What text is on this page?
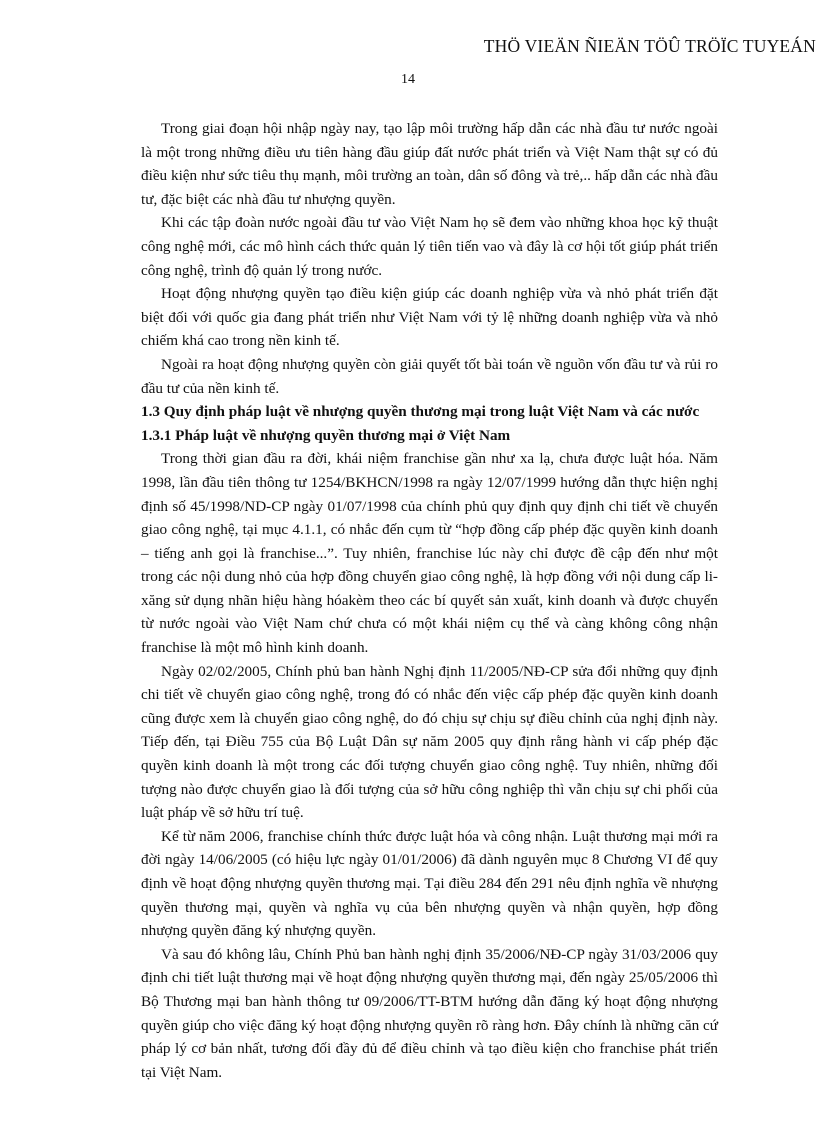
THÖ VIEÄN ÑIEÄN TÖÛ TRÖÏC TUYEÁN
14

Trong giai đoạn hội nhập ngày nay, tạo lập môi trường hấp dẫn các nhà đầu tư nước ngoài là một trong những điều ưu tiên hàng đầu giúp đất nước phát triển và Việt Nam thật sự có đủ điều kiện như sức tiêu thụ mạnh, môi trường an toàn, dân số đông và trẻ,.. hấp dẫn các nhà đầu tư, đặc biệt các nhà đầu tư nhượng quyền.

Khi các tập đoàn nước ngoài đầu tư vào Việt Nam họ sẽ đem vào những khoa học kỹ thuật công nghệ mới, các mô hình cách thức quản lý tiên tiến vao và đây là cơ hội tốt giúp phát triển công nghệ, trình độ quản lý trong nước.

Hoạt động nhượng quyền tạo điều kiện giúp các doanh nghiệp vừa và nhỏ phát triển đặt biệt đối với quốc gia đang phát triển như Việt Nam với tỷ lệ những doanh nghiệp vừa và nhỏ chiếm khá cao trong nền kinh tế.

Ngoài ra hoạt động nhượng quyền còn giải quyết tốt bài toán về nguồn vốn đầu tư và rủi ro đầu tư của nền kinh tế.

1.3 Quy định pháp luật về nhượng quyền thương mại trong luật Việt Nam và các nước
1.3.1 Pháp luật về nhượng quyền thương mại ở Việt Nam

Trong thời gian đầu ra đời, khái niệm franchise gần như xa lạ, chưa được luật hóa. Năm 1998, lần đầu tiên thông tư 1254/BKHCN/1998 ra ngày 12/07/1999 hướng dẫn thực hiện nghị định số 45/1998/ND-CP ngày 01/07/1998 của chính phủ quy định quy định chi tiết về chuyển giao công nghệ, tại mục 4.1.1, có nhắc đến cụm từ “hợp đồng cấp phép đặc quyền kinh doanh – tiếng anh gọi là franchise...”. Tuy nhiên, franchise lúc này chỉ được đề cập đến như một trong các nội dung nhỏ của hợp đồng chuyển giao công nghệ, là hợp đồng với nội dung cấp li-xăng sử dụng nhãn hiệu hàng hóakèm theo các bí quyết sản xuất, kinh doanh và được chuyển từ nước ngoài vào Việt Nam chứ chưa có một khái niệm cụ thể và càng không công nhận franchise là một mô hình kinh doanh.

Ngày 02/02/2005, Chính phủ ban hành Nghị định 11/2005/NĐ-CP sửa đổi những quy định chi tiết về chuyển giao công nghệ, trong đó có nhắc đến việc cấp phép đặc quyền kinh doanh cũng được xem là chuyển giao công nghệ, do đó chịu sự chịu sự điều chỉnh của nghị định này. Tiếp đến, tại Điều 755 của Bộ Luật Dân sự năm 2005 quy định rằng hành vi cấp phép đặc quyền kinh doanh là một trong các đối tượng chuyển giao công nghệ. Tuy nhiên, những đối tượng nào được chuyển giao là đối tượng của sở hữu công nghiệp thì vẫn chịu sự chi phối của luật pháp về sở hữu trí tuệ.

Kể từ năm 2006, franchise chính thức được luật hóa và công nhận. Luật thương mại mới ra đời ngày 14/06/2005 (có hiệu lực ngày 01/01/2006) đã dành nguyên mục 8 Chương VI để quy định về hoạt động nhượng quyền thương mại. Tại điều 284 đến 291 nêu định nghĩa về nhượng quyền thương mại, quyền và nghĩa vụ của bên nhượng quyền và nhận quyền, hợp đồng nhượng quyền đăng ký nhượng quyền.

Và sau đó không lâu, Chính Phủ ban hành nghị định 35/2006/NĐ-CP ngày 31/03/2006 quy định chi tiết luật thương mại về hoạt động nhượng quyền thương mại, đến ngày 25/05/2006 thì Bộ Thương mại ban hành thông tư 09/2006/TT-BTM hướng dẫn đăng ký hoạt động nhượng quyền giúp cho việc đăng ký hoạt động nhượng quyền rõ ràng hơn. Đây chính là những căn cứ pháp lý cơ bản nhất, tương đối đầy đủ để điều chỉnh và tạo điều kiện cho franchise phát triển tại Việt Nam.
